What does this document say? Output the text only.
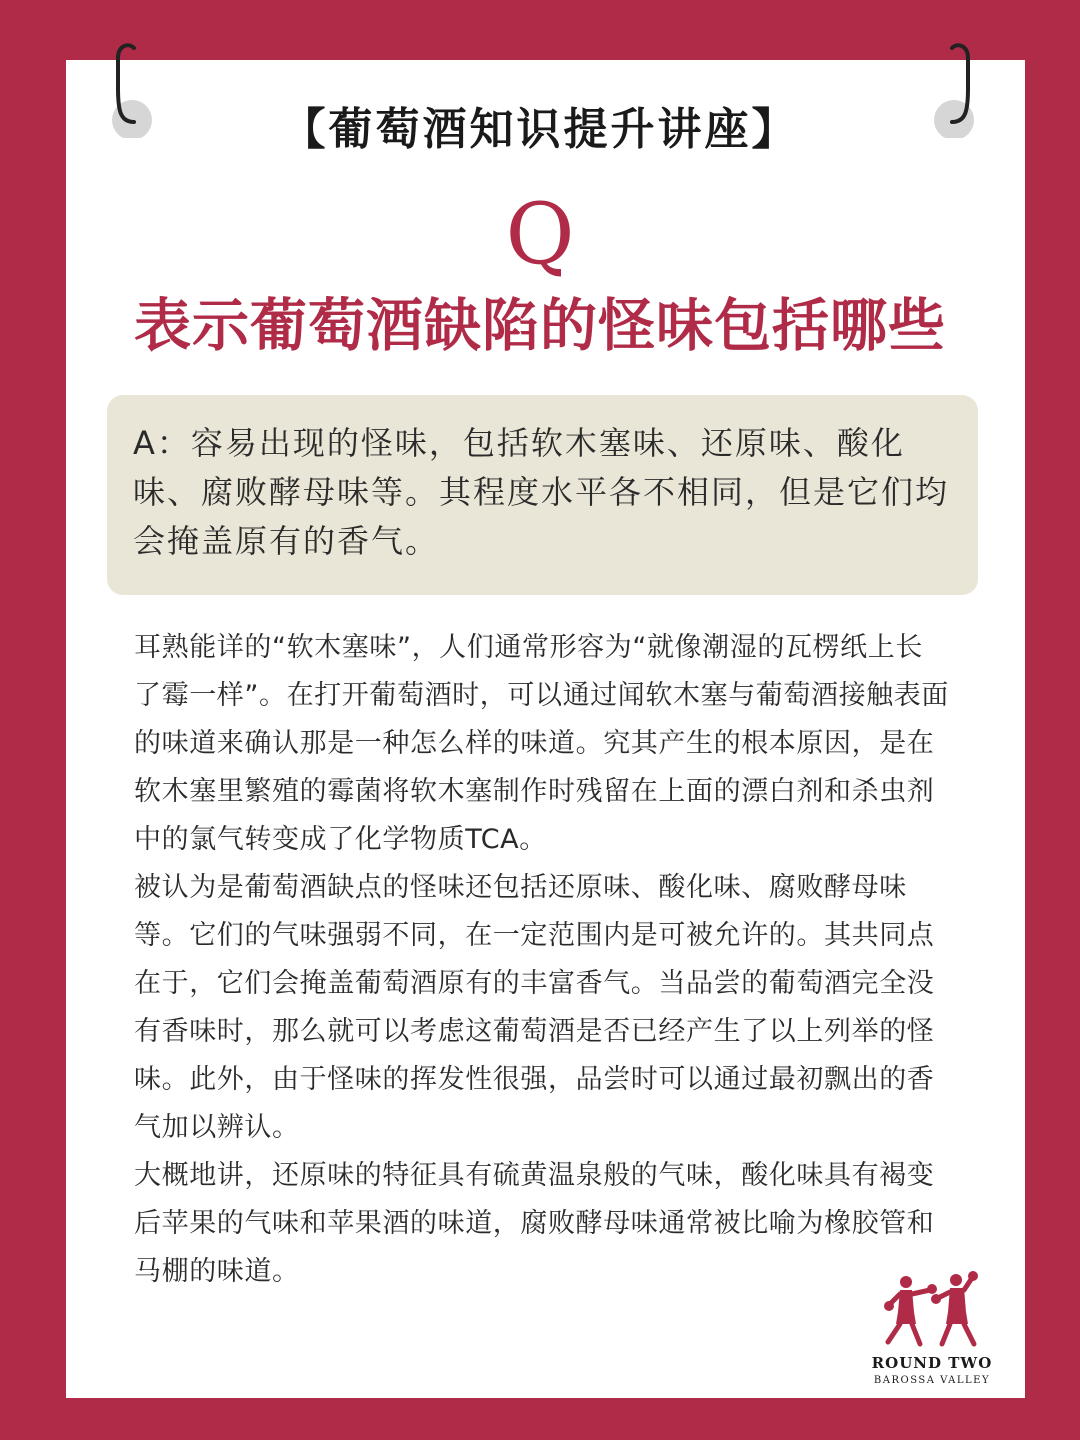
【葡萄酒知识提升讲座】
Q
表示葡萄酒缺陷的怪味包括哪些

A：容易出现的怪味，包括软木塞味、还原味、酸化味、腐败酵母味等。其程度水平各不相同，但是它们均会掩盖原有的香气。

耳熟能详的“软木塞味”，人们通常形容为“就像潮湿的瓦楞纸上长了霉一样”。在打开葡萄酒时，可以通过闻软木塞与葡萄酒接触表面的味道来确认那是一种怎么样的味道。究其产生的根本原因，是在软木塞里繁殖的霉菌将软木塞制作时残留在上面的漂白剂和杀虫剂中的氯气转变成了化学物质TCA。

被认为是葡萄酒缺点的怪味还包括还原味、酸化味、腐败酵母味等。它们的气味强弱不同，在一定范围内是可被允许的。其共同点在于，它们会掩盖葡萄酒原有的丰富香气。当品尝的葡萄酒完全没有香味时，那么就可以考虑这葡萄酒是否已经产生了以上列举的怪味。此外，由于怪味的挥发性很强，品尝时可以通过最初飘出的香气加以辨认。

大概地讲，还原味的特征具有硫黄温泉般的气味，酸化味具有褐变后苹果的气味和苹果酒的味道，腐败酵母味通常被比喻为橡胶管和马棚的味道。

ROUND TWO
BAROSSA VALLEY
